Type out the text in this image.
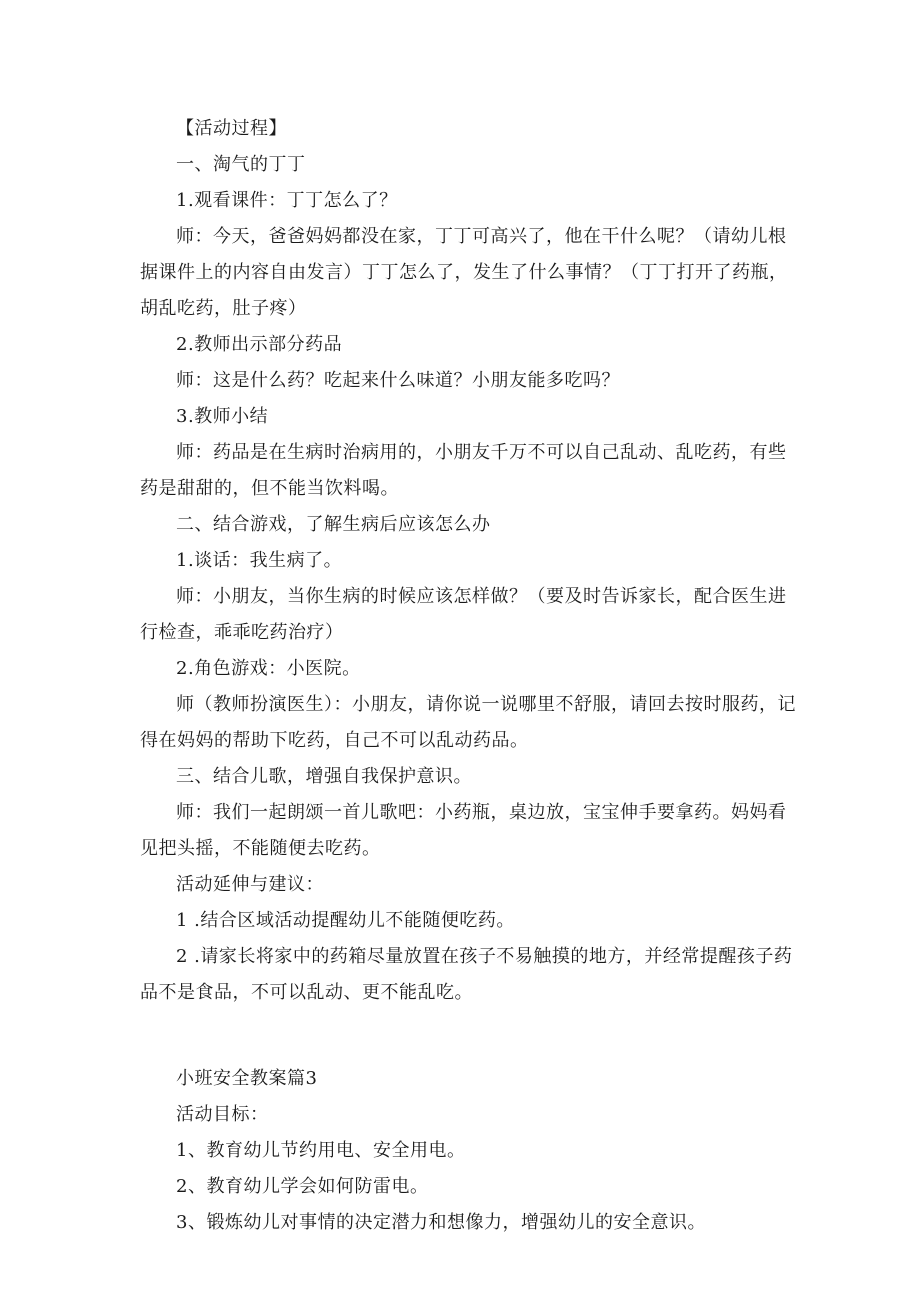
【活动过程】

一、淘气的丁丁

1.观看课件：丁丁怎么了？

师：今天，爸爸妈妈都没在家，丁丁可高兴了，他在干什么呢？（请幼儿根据课件上的内容自由发言）丁丁怎么了，发生了什么事情？（丁丁打开了药瓶，胡乱吃药，肚子疼）

2.教师出示部分药品

师：这是什么药？吃起来什么味道？小朋友能多吃吗？

3.教师小结

师：药品是在生病时治病用的，小朋友千万不可以自己乱动、乱吃药，有些药是甜甜的，但不能当饮料喝。

二、结合游戏，了解生病后应该怎么办

1.谈话：我生病了。

师：小朋友，当你生病的时候应该怎样做？（要及时告诉家长，配合医生进行检查，乖乖吃药治疗）

2.角色游戏：小医院。

师（教师扮演医生）：小朋友，请你说一说哪里不舒服，请回去按时服药，记得在妈妈的帮助下吃药，自己不可以乱动药品。

三、结合儿歌，增强自我保护意识。

师：我们一起朗颂一首儿歌吧：小药瓶，桌边放，宝宝伸手要拿药。妈妈看见把头摇，不能随便去吃药。

活动延伸与建议：

1 .结合区域活动提醒幼儿不能随便吃药。

2 .请家长将家中的药箱尽量放置在孩子不易触摸的地方，并经常提醒孩子药品不是食品，不可以乱动、更不能乱吃。

小班安全教案篇3

活动目标：

1、教育幼儿节约用电、安全用电。

2、教育幼儿学会如何防雷电。

3、锻炼幼儿对事情的决定潜力和想像力，增强幼儿的安全意识。
